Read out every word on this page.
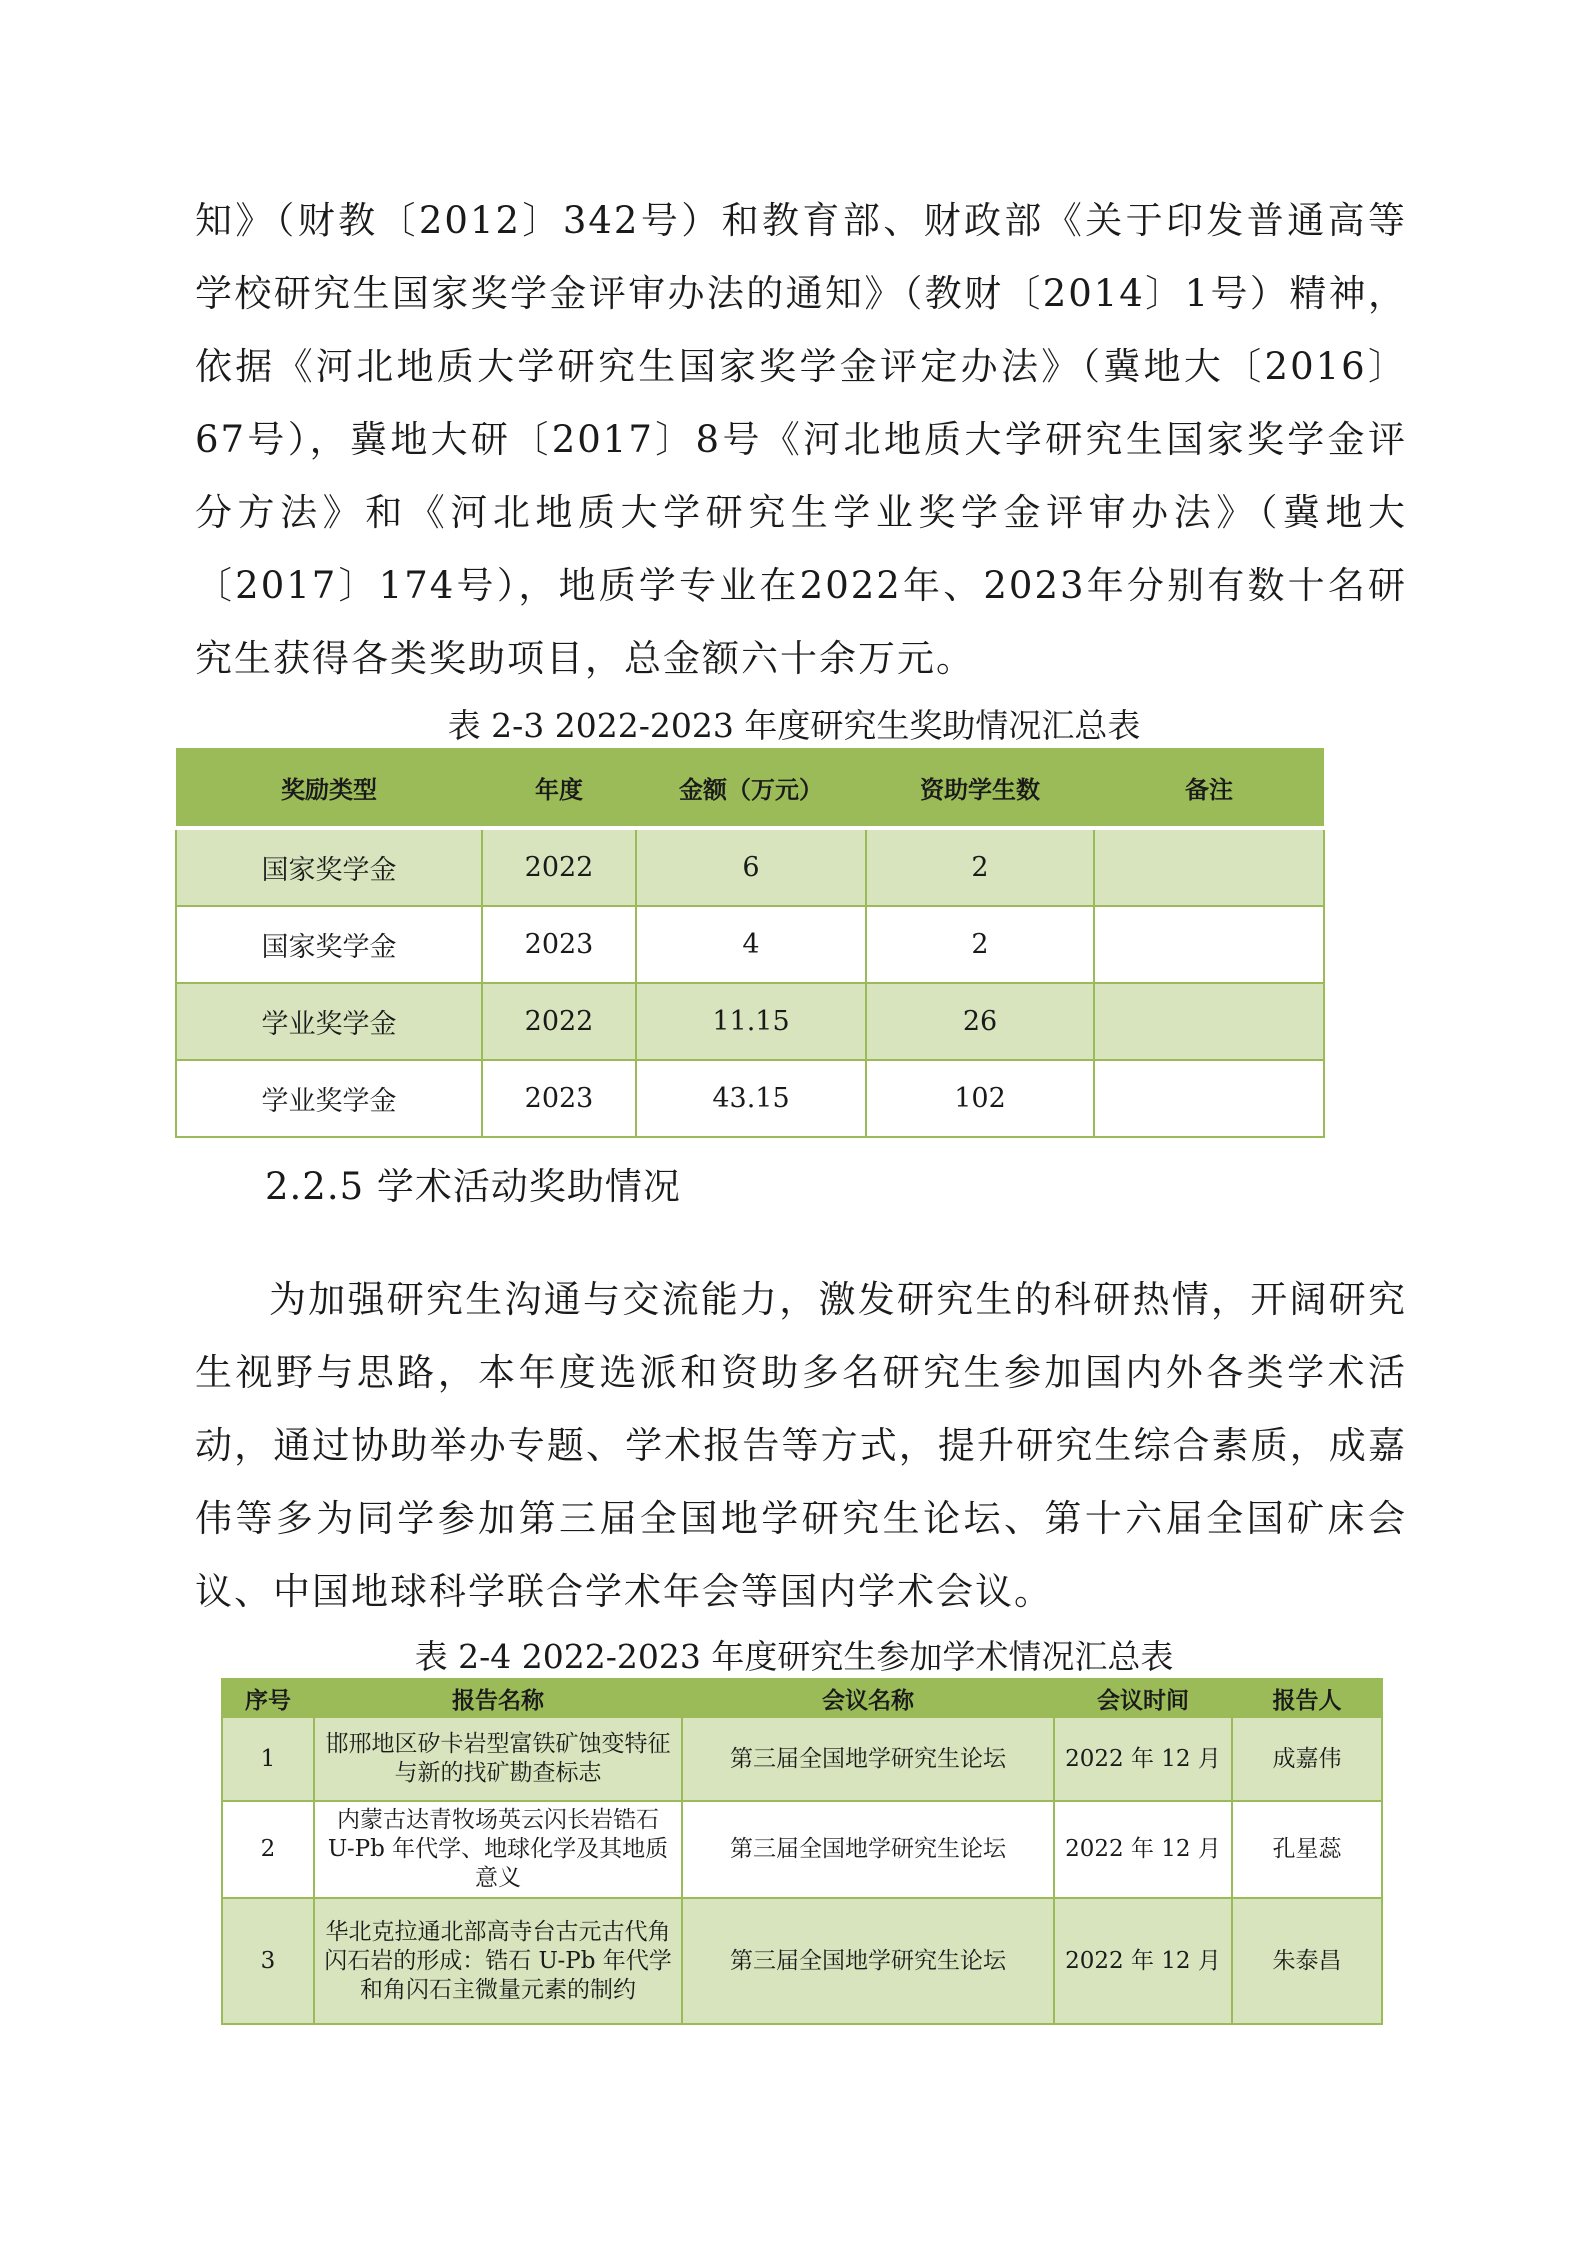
知》（财教〔2012〕342号）和教育部、财政部《关于印发普通高等学校研究生国家奖学金评审办法的通知》（教财〔2014〕1号）精神，依据《河北地质大学研究生国家奖学金评定办法》（冀地大〔2016〕67号），冀地大研〔2017〕8号《河北地质大学研究生国家奖学金评分方法》和《河北地质大学研究生学业奖学金评审办法》（冀地大〔2017〕174号），地质学专业在2022年、2023年分别有数十名研究生获得各类奖助项目，总金额六十余万元。

表 2-3 2022-2023 年度研究生奖助情况汇总表

奖励类型	年度	金额（万元）	资助学生数	备注
国家奖学金	2022	6	2	
国家奖学金	2023	4	2	
学业奖学金	2022	11.15	26	
学业奖学金	2023	43.15	102	

2.2.5 学术活动奖助情况

为加强研究生沟通与交流能力，激发研究生的科研热情，开阔研究生视野与思路，本年度选派和资助多名研究生参加国内外各类学术活动，通过协助举办专题、学术报告等方式，提升研究生综合素质，成嘉伟等多为同学参加第三届全国地学研究生论坛、第十六届全国矿床会议、中国地球科学联合学术年会等国内学术会议。

表 2-4 2022-2023 年度研究生参加学术情况汇总表

序号	报告名称	会议名称	会议时间	报告人
1	邯邢地区矽卡岩型富铁矿蚀变特征与新的找矿勘查标志	第三届全国地学研究生论坛	2022 年 12 月	成嘉伟
2	内蒙古达青牧场英云闪长岩锆石 U-Pb 年代学、地球化学及其地质意义	第三届全国地学研究生论坛	2022 年 12 月	孔星蕊
3	华北克拉通北部高寺台古元古代角闪石岩的形成：锆石 U-Pb 年代学和角闪石主微量元素的制约	第三届全国地学研究生论坛	2022 年 12 月	朱泰昌
